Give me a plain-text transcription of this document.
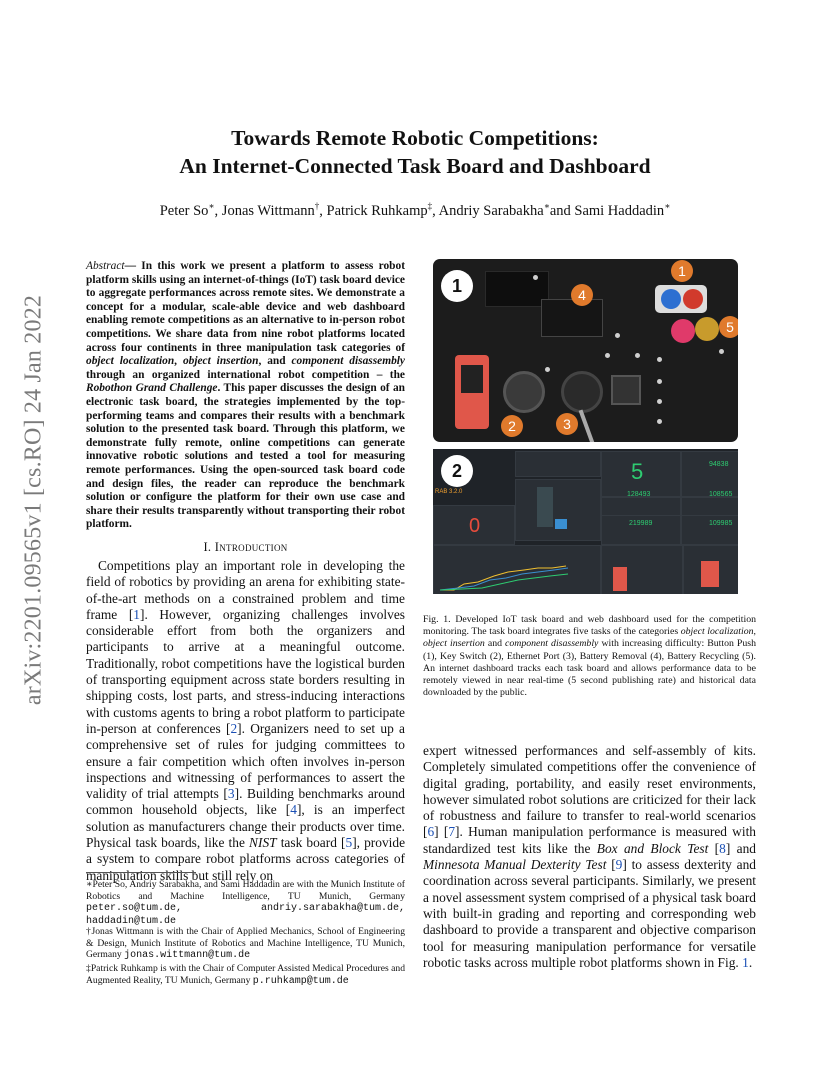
arXiv:2201.09565v1 [cs.RO] 24 Jan 2022
Towards Remote Robotic Competitions:
An Internet-Connected Task Board and Dashboard
Peter So∗, Jonas Wittmann†, Patrick Ruhkamp‡, Andriy Sarabakha∗and Sami Haddadin∗
Abstract— In this work we present a platform to assess robot platform skills using an internet-of-things (IoT) task board device to aggregate performances across remote sites. We demonstrate a concept for a modular, scale-able device and web dashboard enabling remote competitions as an alternative to in-person robot competitions. We share data from nine robot platforms located across four continents in three manipulation task categories of object localization, object insertion, and component disassembly through an organized international robot competition – the Robothon Grand Challenge. This paper discusses the design of an electronic task board, the strategies implemented by the top-performing teams and compares their results with a benchmark solution to the presented task board. Through this platform, we demonstrate fully remote, online competitions can generate innovative robotic solutions and tested a tool for measuring remote performances. Using the open-sourced task board code and design files, the reader can reproduce the benchmark solution or configure the platform for their own use case and share their results transparently without transporting their robot platform.
I. Introduction
Competitions play an important role in developing the field of robotics by providing an arena for exhibiting state-of-the-art methods on a constrained problem and time frame [1]. However, organizing challenges involves considerable effort from both the organizers and participants to arrive at a meaningful outcome. Traditionally, robot competitions have the logistical burden of transporting equipment across state borders resulting in shipping costs, lost parts, and stress-inducing interactions with customs agents to bring a robot platform to participate in-person at conferences [2]. Organizers need to set up a comprehensive set of rules for judging committees to ensure a fair competition which often involves in-person inspections and witnessing of performances to assert the validity of trial attempts [3]. Building benchmarks around common household objects, like [4], is an imperfect solution as manufacturers change their products over time. Physical task boards, like the NIST task board [5], provide a system to compare robot platforms across categories of manipulation skills but still rely on
∗Peter So, Andriy Sarabakha, and Sami Haddadin are with the Munich Institute of Robotics and Machine Intelligence, TU Munich, Germany peter.so@tum.de, andriy.sarabakha@tum.de, haddadin@tum.de
†Jonas Wittmann is with the Chair of Applied Mechanics, School of Engineering & Design, Munich Institute of Robotics and Machine Intelligence, TU Munich, Germany jonas.wittmann@tum.de
‡Patrick Ruhkamp is with the Chair of Computer Assisted Medical Procedures and Augmented Reality, TU Munich, Germany p.ruhkamp@tum.de
1
1
4
5
2	3
2
RAB 3.2.0
0
5	94838
128493	108565
219989	109985
Fig. 1. Developed IoT task board and web dashboard used for the competition monitoring. The task board integrates five tasks of the categories object localization, object insertion and component disassembly with increasing difficulty: Button Push (1), Key Switch (2), Ethernet Port (3), Battery Removal (4), Battery Recycling (5). An internet dashboard tracks each task board and allows performance data to be remotely viewed in near real-time (5 second publishing rate) and historical data downloaded by the public.
expert witnessed performances and self-assembly of kits. Completely simulated competitions offer the convenience of digital grading, portability, and easily reset environments, however simulated robot solutions are criticized for their lack of robustness and failure to transfer to real-world scenarios [6] [7]. Human manipulation performance is measured with standardized test kits like the Box and Block Test [8] and Minnesota Manual Dexterity Test [9] to assess dexterity and coordination across several participants. Similarly, we present a novel assessment system comprised of a physical task board with built-in grading and reporting and corresponding web dashboard to provide a transparent and objective comparison tool for measuring manipulation performance for versatile robotic tasks across multiple robot platforms shown in Fig. 1.
